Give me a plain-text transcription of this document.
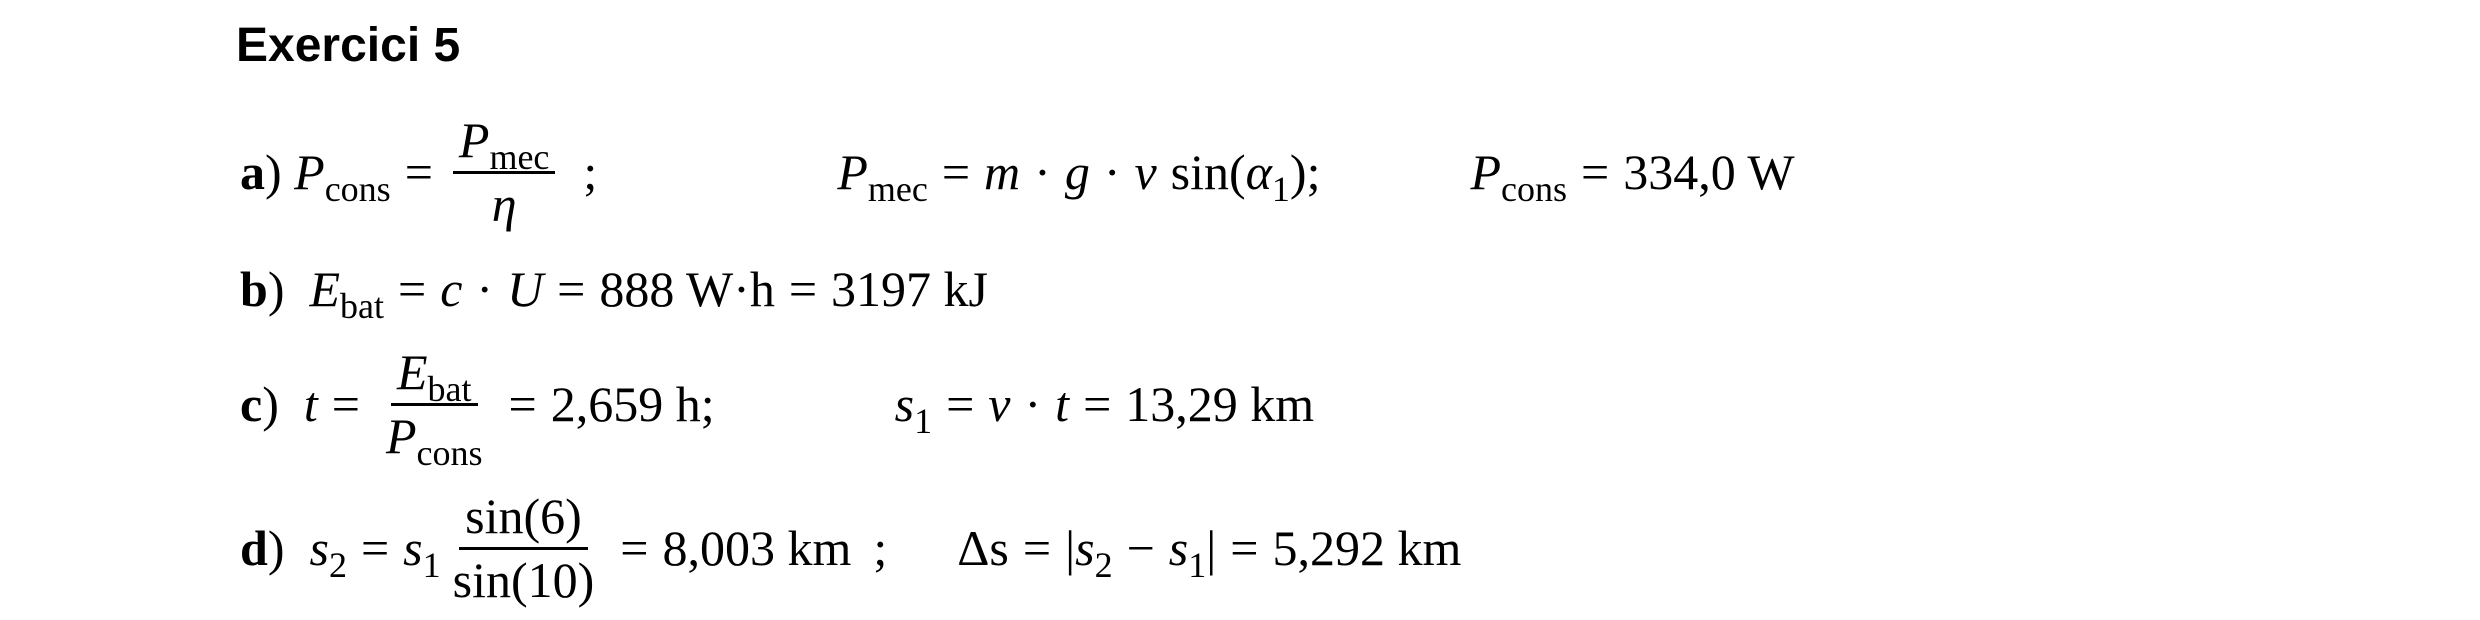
Exercici 5
a) $P_{cons} = \frac{P_{mec}}{\eta}$ ;	$P_{mec} = m \cdot g \cdot v$ $\sin(\alpha_1)$;	$P_{cons} = 334,0$ W
b) $E_{bat} = c \cdot U = 888$ W·h = 3197 kJ
c) $t = \frac{E_{bat}}{P_{cons}} = 2,659$ h;	$s_1 = v \cdot t = 13,29$ km
d) $s_2 = s_1 \frac{\sin(6)}{\sin(10)} = 8,003$ km ; $\Delta s = |s_2 - s_1| = 5,292$ km
